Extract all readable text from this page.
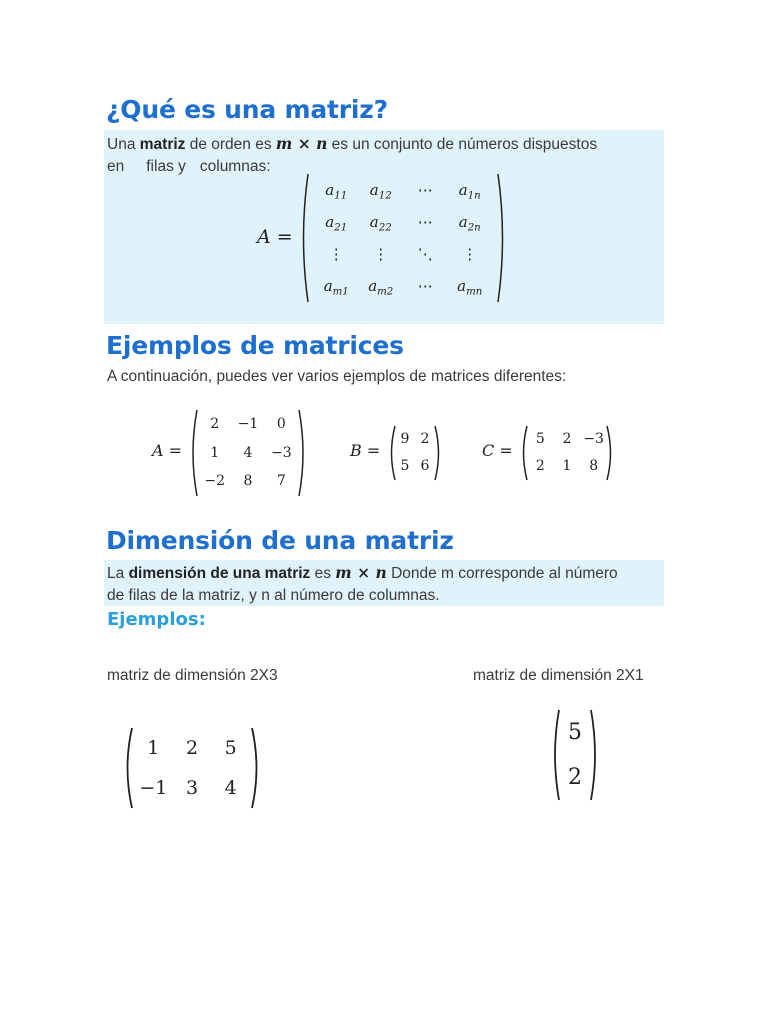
¿Qué es una matriz?
Una matriz de orden es m × n es un conjunto de números dispuestos
en filas y columnas:
A =
$a_{11}$	$a_{12}$	⋯	$a_{1n}$
$a_{21}$	$a_{22}$	⋯	$a_{2n}$
⋮	⋮	⋱	⋮
$a_{m1}$	$a_{m2}$	⋯	$a_{mn}$
Ejemplos de matrices
A continuación, puedes ver varios ejemplos de matrices diferentes:
A =
2	−1	0
1	4	−3
−2	8	7
B =
9 2
5 6
C =
5	2 −3
2	1	8
Dimensión de una matriz
La dimensión de una matriz es m × n Donde m corresponde al número
de filas de la matriz, y n al número de columnas.
Ejemplos:
matriz de dimensión 2X3	matriz de dimensión 2X1
1	2	5
−1 3	4
5
2
